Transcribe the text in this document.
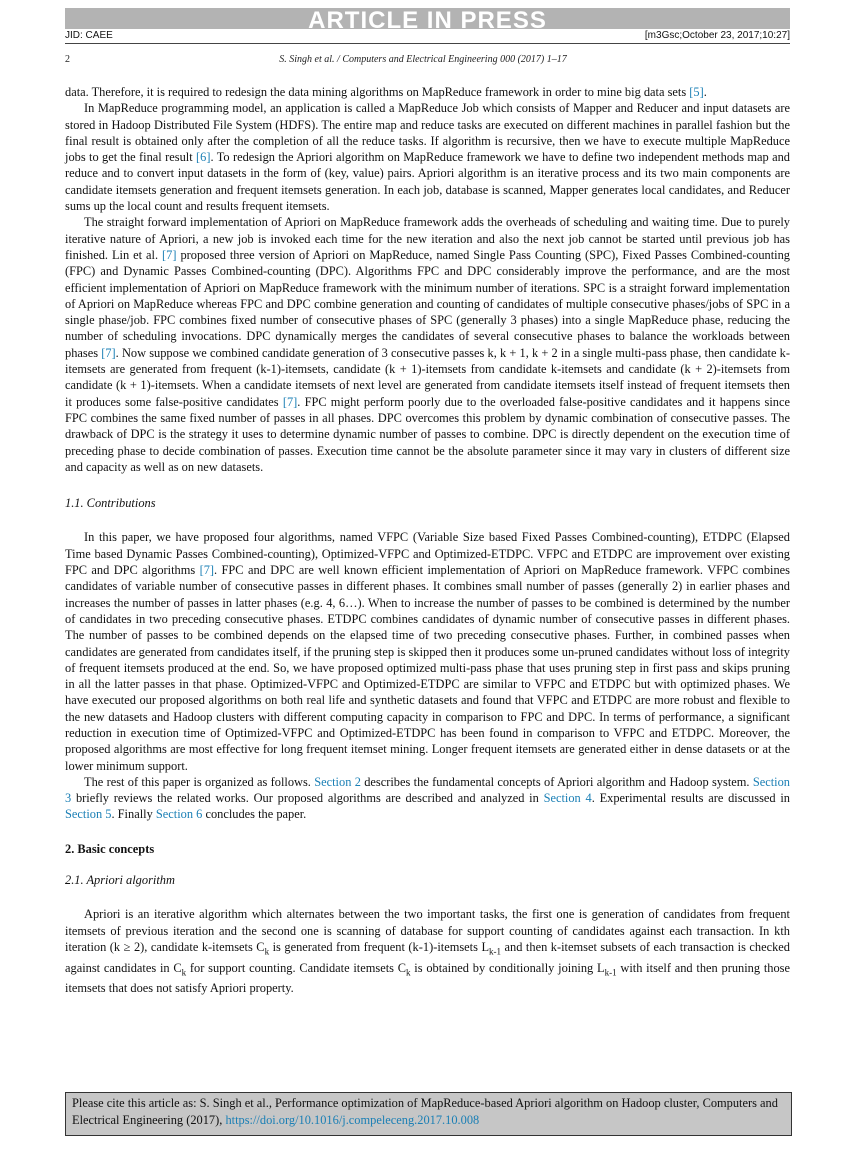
ARTICLE IN PRESS
JID: CAEE	[m3Gsc;October 23, 2017;10:27]
2	S. Singh et al. / Computers and Electrical Engineering 000 (2017) 1–17

data. Therefore, it is required to redesign the data mining algorithms on MapReduce framework in order to mine big data sets [5].

In MapReduce programming model, an application is called a MapReduce Job which consists of Mapper and Reducer and input datasets are stored in Hadoop Distributed File System (HDFS). The entire map and reduce tasks are executed on different machines in parallel fashion but the final result is obtained only after the completion of all the reduce tasks. If algorithm is recursive, then we have to execute multiple MapReduce jobs to get the final result [6]. To redesign the Apriori algorithm on MapReduce framework we have to define two independent methods map and reduce and to convert input datasets in the form of (key, value) pairs. Apriori algorithm is an iterative process and its two main components are candidate itemsets generation and frequent itemsets generation. In each job, database is scanned, Mapper generates local candidates, and Reducer sums up the local count and results frequent itemsets.

The straight forward implementation of Apriori on MapReduce framework adds the overheads of scheduling and waiting time. Due to purely iterative nature of Apriori, a new job is invoked each time for the new iteration and also the next job cannot be started until previous job has finished. Lin et al. [7] proposed three version of Apriori on MapReduce, named Single Pass Counting (SPC), Fixed Passes Combined-counting (FPC) and Dynamic Passes Combined-counting (DPC). Algorithms FPC and DPC considerably improve the performance, and are the most efficient implementation of Apriori on MapReduce framework with the minimum number of iterations. SPC is a straight forward implementation of Apriori on MapReduce whereas FPC and DPC combine generation and counting of candidates of multiple consecutive phases/jobs of SPC in a single phase/job. FPC combines fixed number of consecutive phases of SPC (generally 3 phases) into a single MapReduce phase, reducing the number of scheduling invocations. DPC dynamically merges the candidates of several consecutive phases to balance the workloads between phases [7]. Now suppose we combined candidate generation of 3 consecutive passes k, k + 1, k + 2 in a single multi-pass phase, then candidate k-itemsets are generated from frequent (k-1)-itemsets, candidate (k + 1)-itemsets from candidate k-itemsets and candidate (k + 2)-itemsets from candidate (k + 1)-itemsets. When a candidate itemsets of next level are generated from candidate itemsets itself instead of frequent itemsets then it produces some false-positive candidates [7]. FPC might perform poorly due to the overloaded false-positive candidates and it happens since FPC combines the same fixed number of passes in all phases. DPC overcomes this problem by dynamic combination of consecutive passes. The drawback of DPC is the strategy it uses to determine dynamic number of passes to combine. DPC is directly dependent on the execution time of preceding phase to decide combination of passes. Execution time cannot be the absolute parameter since it may vary in clusters of different size and capacity as well as on new datasets.

1.1. Contributions

In this paper, we have proposed four algorithms, named VFPC (Variable Size based Fixed Passes Combined-counting), ETDPC (Elapsed Time based Dynamic Passes Combined-counting), Optimized-VFPC and Optimized-ETDPC. VFPC and ETDPC are improvement over existing FPC and DPC algorithms [7]. FPC and DPC are well known efficient implementation of Apriori on MapReduce framework. VFPC combines candidates of variable number of consecutive passes in different phases. It combines small number of passes (generally 2) in earlier phases and increases the number of passes in latter phases (e.g. 4, 6…). When to increase the number of passes to be combined is determined by the number of candidates in two preceding consecutive phases. ETDPC combines candidates of dynamic number of consecutive passes in different phases. The number of passes to be combined depends on the elapsed time of two preceding consecutive phases. Further, in combined passes when candidates are generated from candidates itself, if the pruning step is skipped then it produces some un-pruned candidates without loss of integrity of frequent itemsets produced at the end. So, we have proposed optimized multi-pass phase that uses pruning step in first pass and skips pruning in all the latter passes in that phase. Optimized-VFPC and Optimized-ETDPC are similar to VFPC and ETDPC but with optimized phases. We have executed our proposed algorithms on both real life and synthetic datasets and found that VFPC and ETDPC are more robust and flexible to the new datasets and Hadoop clusters with different computing capacity in comparison to FPC and DPC. In terms of performance, a significant reduction in execution time of Optimized-VFPC and Optimized-ETDPC has been found in comparison to VFPC and ETDPC. Moreover, the proposed algorithms are most effective for long frequent itemset mining. Longer frequent itemsets are generated either in dense datasets or at the lower minimum support.

The rest of this paper is organized as follows. Section 2 describes the fundamental concepts of Apriori algorithm and Hadoop system. Section 3 briefly reviews the related works. Our proposed algorithms are described and analyzed in Section 4. Experimental results are discussed in Section 5. Finally Section 6 concludes the paper.

2. Basic concepts
2.1. Apriori algorithm

Apriori is an iterative algorithm which alternates between the two important tasks, the first one is generation of candidates from frequent itemsets of previous iteration and the second one is scanning of database for support counting of candidates against each transaction. In kth iteration (k ≥ 2), candidate k-itemsets $C_k$ is generated from frequent (k-1)-itemsets $L_{k-1}$ and then k-itemset subsets of each transaction is checked against candidates in $C_k$ for support counting. Candidate itemsets $C_k$ is obtained by conditionally joining $L_{k-1}$ with itself and then pruning those itemsets that does not satisfy Apriori property.

Please cite this article as: S. Singh et al., Performance optimization of MapReduce-based Apriori algorithm on Hadoop cluster, Computers and Electrical Engineering (2017), https://doi.org/10.1016/j.compeleceng.2017.10.008
